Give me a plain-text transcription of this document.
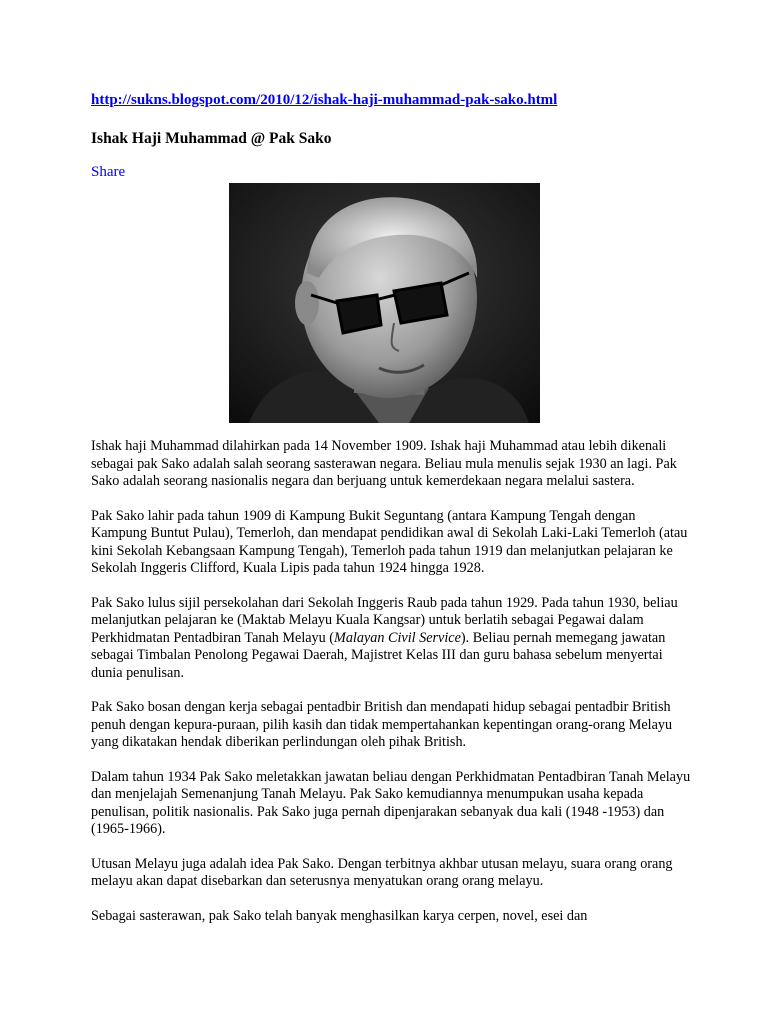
http://sukns.blogspot.com/2010/12/ishak-haji-muhammad-pak-sako.html
Ishak Haji Muhammad @ Pak Sako
Share

Ishak haji Muhammad dilahirkan pada 14 November 1909. Ishak haji Muhammad atau lebih dikenali sebagai pak Sako adalah salah seorang sasterawan negara. Beliau mula menulis sejak 1930 an lagi. Pak Sako adalah seorang nasionalis negara dan berjuang untuk kemerdekaan negara melalui sastera.

Pak Sako lahir pada tahun 1909 di Kampung Bukit Seguntang (antara Kampung Tengah dengan Kampung Buntut Pulau), Temerloh, dan mendapat pendidikan awal di Sekolah Laki-Laki Temerloh (atau kini Sekolah Kebangsaan Kampung Tengah), Temerloh pada tahun 1919 dan melanjutkan pelajaran ke Sekolah Inggeris Clifford, Kuala Lipis pada tahun 1924 hingga 1928.

Pak Sako lulus sijil persekolahan dari Sekolah Inggeris Raub pada tahun 1929. Pada tahun 1930, beliau melanjutkan pelajaran ke (Maktab Melayu Kuala Kangsar) untuk berlatih sebagai Pegawai dalam Perkhidmatan Pentadbiran Tanah Melayu (Malayan Civil Service). Beliau pernah memegang jawatan sebagai Timbalan Penolong Pegawai Daerah, Majistret Kelas III dan guru bahasa sebelum menyertai dunia penulisan.

Pak Sako bosan dengan kerja sebagai pentadbir British dan mendapati hidup sebagai pentadbir British penuh dengan kepura-puraan, pilih kasih dan tidak mempertahankan kepentingan orang-orang Melayu yang dikatakan hendak diberikan perlindungan oleh pihak British.

Dalam tahun 1934 Pak Sako meletakkan jawatan beliau dengan Perkhidmatan Pentadbiran Tanah Melayu dan menjelajah Semenanjung Tanah Melayu. Pak Sako kemudiannya menumpukan usaha kepada penulisan, politik nasionalis. Pak Sako juga pernah dipenjarakan sebanyak dua kali (1948 -1953) dan (1965-1966).

Utusan Melayu juga adalah idea Pak Sako. Dengan terbitnya akhbar utusan melayu, suara orang orang melayu akan dapat disebarkan dan seterusnya menyatukan orang orang melayu.

Sebagai sasterawan, pak Sako telah banyak menghasilkan karya cerpen, novel, esei dan
